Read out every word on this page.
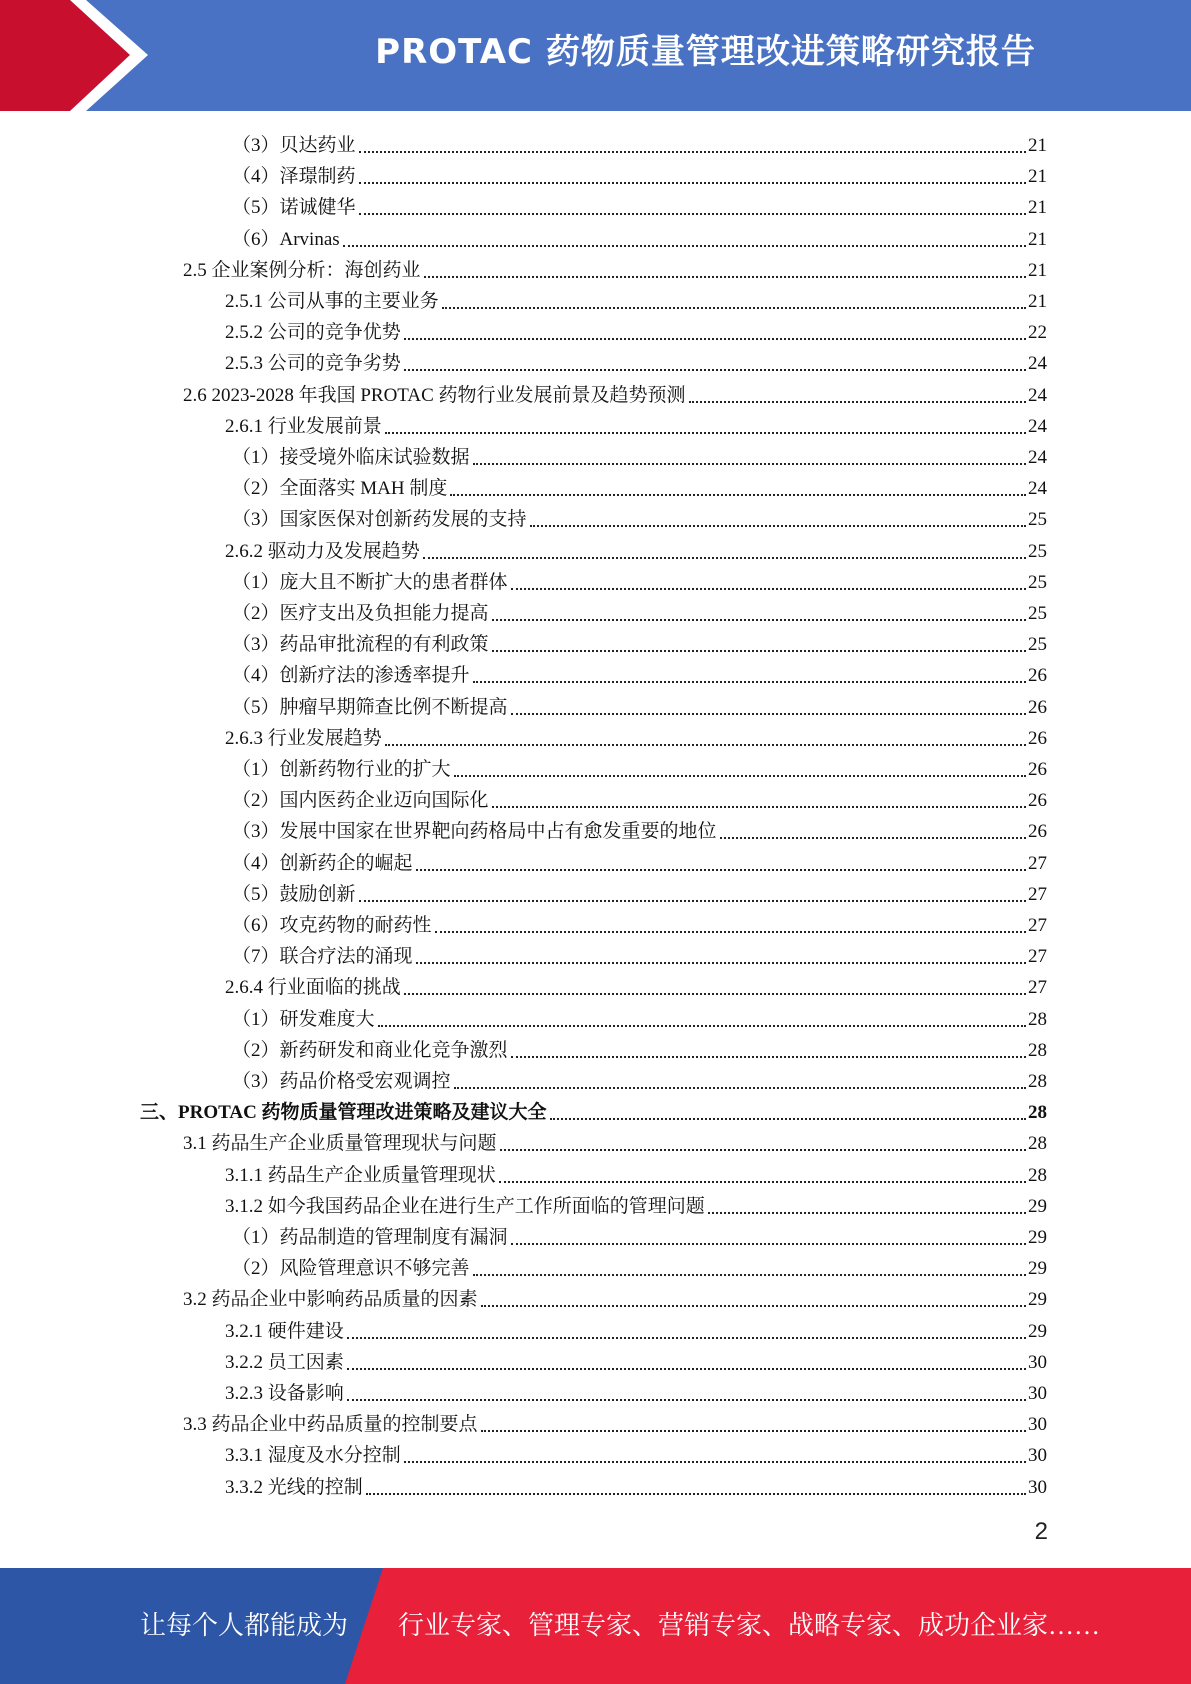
PROTAC 药物质量管理改进策略研究报告
（3）贝达药业	21
（4）泽璟制药	21
（5）诺诚健华	21
（6）Arvinas	21
2.5 企业案例分析：海创药业	21
2.5.1 公司从事的主要业务	21
2.5.2 公司的竞争优势	22
2.5.3 公司的竞争劣势	24
2.6 2023-2028 年我国 PROTAC 药物行业发展前景及趋势预测	24
2.6.1 行业发展前景	24
（1）接受境外临床试验数据	24
（2）全面落实 MAH 制度	24
（3）国家医保对创新药发展的支持	25
2.6.2 驱动力及发展趋势	25
（1）庞大且不断扩大的患者群体	25
（2）医疗支出及负担能力提高	25
（3）药品审批流程的有利政策	25
（4）创新疗法的渗透率提升	26
（5）肿瘤早期筛查比例不断提高	26
2.6.3 行业发展趋势	26
（1）创新药物行业的扩大	26
（2）国内医药企业迈向国际化	26
（3）发展中国家在世界靶向药格局中占有愈发重要的地位	26
（4）创新药企的崛起	27
（5）鼓励创新	27
（6）攻克药物的耐药性	27
（7）联合疗法的涌现	27
2.6.4 行业面临的挑战	27
（1）研发难度大	28
（2）新药研发和商业化竞争激烈	28
（3）药品价格受宏观调控	28
三、PROTAC 药物质量管理改进策略及建议大全	28
3.1 药品生产企业质量管理现状与问题	28
3.1.1 药品生产企业质量管理现状	28
3.1.2 如今我国药品企业在进行生产工作所面临的管理问题	29
（1）药品制造的管理制度有漏洞	29
（2）风险管理意识不够完善	29
3.2 药品企业中影响药品质量的因素	29
3.2.1 硬件建设	29
3.2.2 员工因素	30
3.2.3 设备影响	30
3.3 药品企业中药品质量的控制要点	30
3.3.1 湿度及水分控制	30
3.3.2 光线的控制	30
2
让每个人都能成为 行业专家、管理专家、营销专家、战略专家、成功企业家……
